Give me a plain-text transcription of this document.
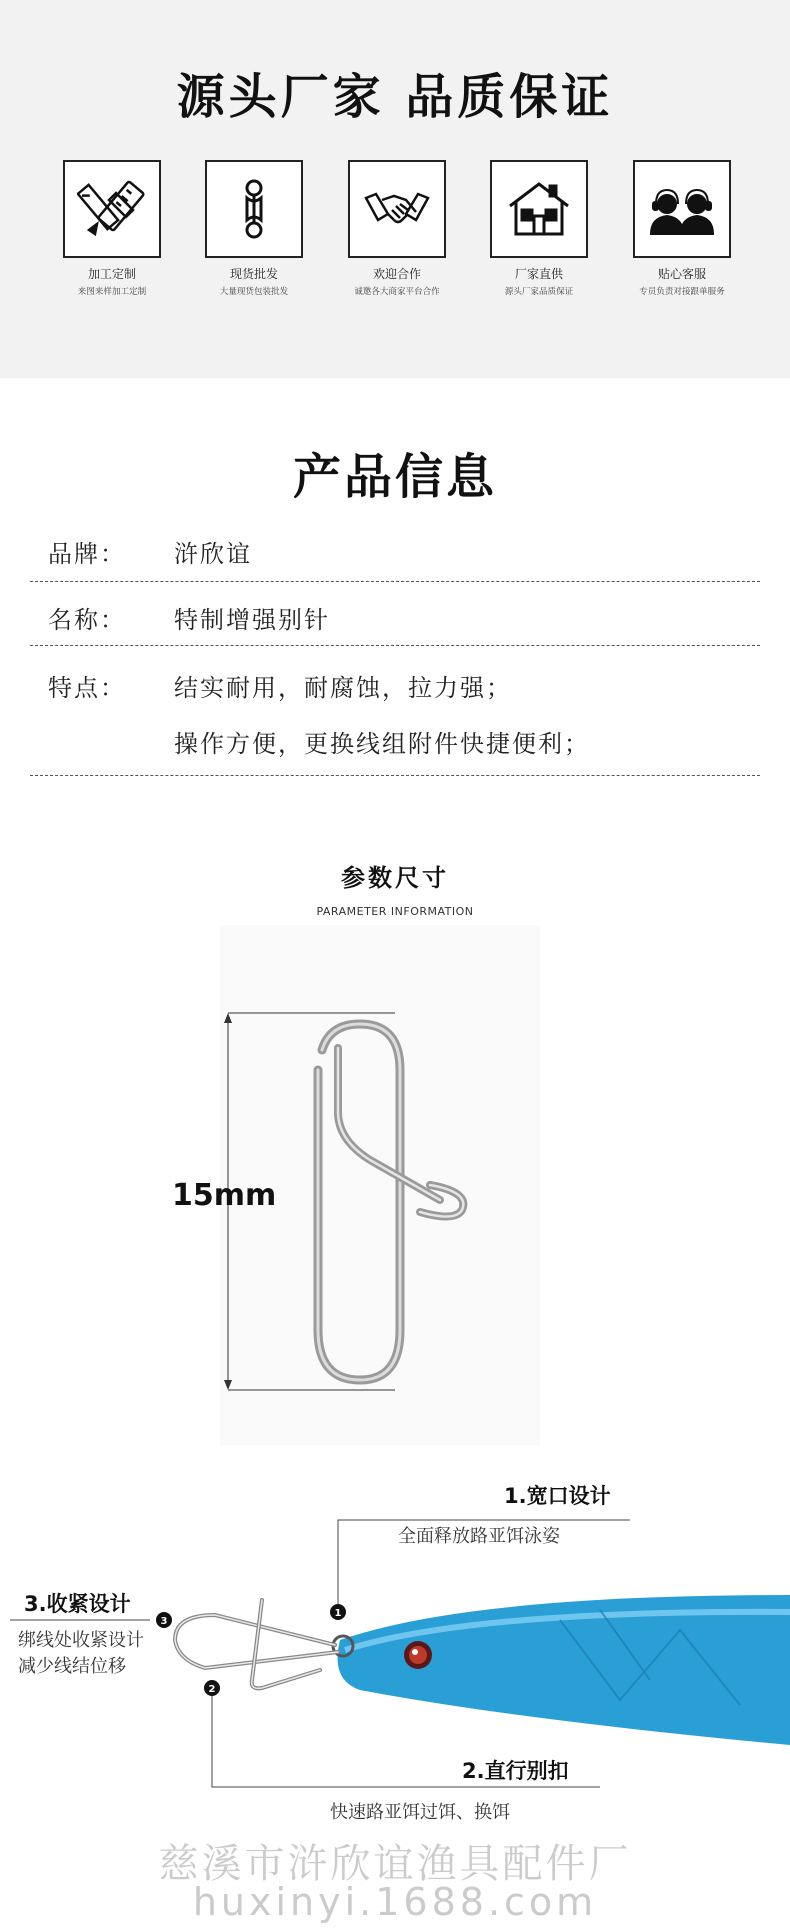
源头厂家 品质保证
加工定制
来图来样加工定制
现货批发
大量现货包装批发
欢迎合作
诚邀各大商家平台合作
厂家直供
源头厂家品质保证
贴心客服
专员负责对接跟单服务
产品信息
品牌： 浒欣谊
名称： 特制增强别针
特点： 结实耐用，耐腐蚀，拉力强；
操作方便，更换线组附件快捷便利；
参数尺寸
PARAMETER INFORMATION
15mm
1
2
3
1.宽口设计
全面释放路亚饵泳姿
3.收紧设计
绑线处收紧设计
减少线结位移
2.直行别扣
快速路亚饵过饵、换饵
慈溪市浒欣谊渔具配件厂
huxinyi.1688.com
